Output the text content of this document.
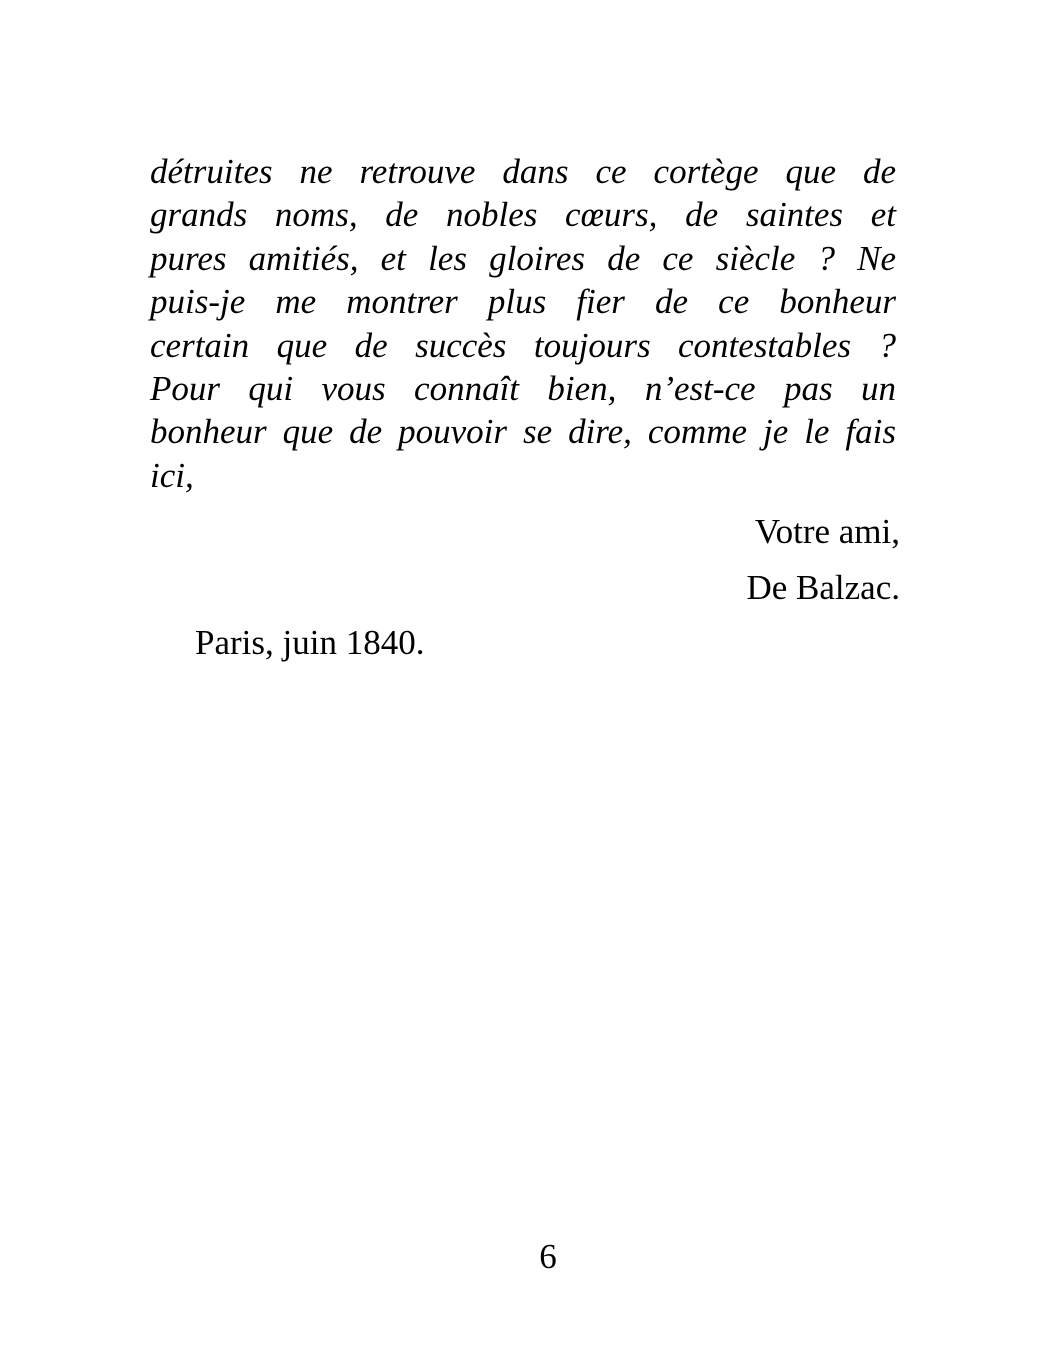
détruites ne retrouve dans ce cortège que de
grands noms, de nobles cœurs, de saintes et
pures amitiés, et les gloires de ce siècle ? Ne
puis-je me montrer plus fier de ce bonheur
certain que de succès toujours contestables ?
Pour qui vous connaît bien, n’est-ce pas un
bonheur que de pouvoir se dire, comme je le fais
ici,
Votre ami,
De Balzac.
Paris, juin 1840.
6
